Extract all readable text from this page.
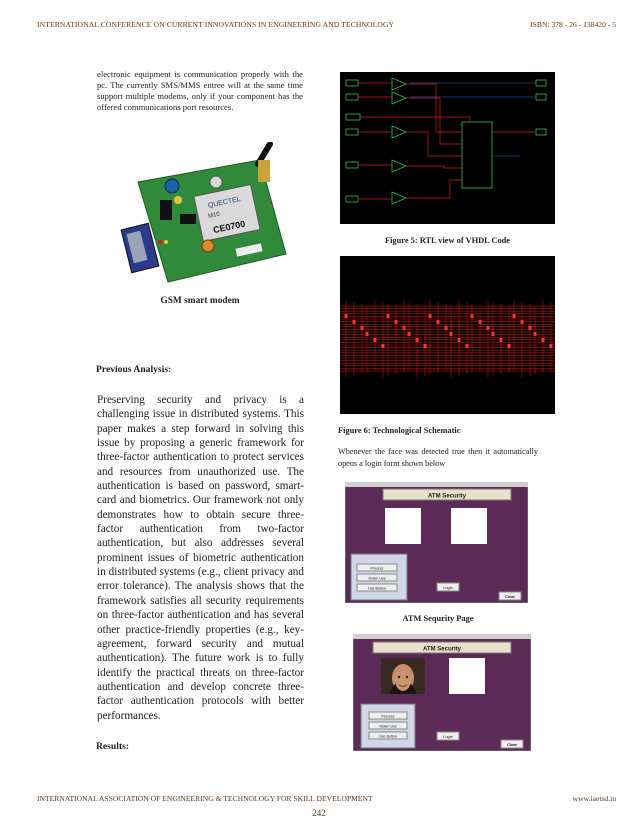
INTERNATIONAL CONFERENCE ON CURRENT INNOVATIONS IN ENGINEERING AND TECHNOLOGY	ISBN: 378 - 26 - 138420 - 5
electronic equipment is communication properly with the pc. The currently SMS/MMS entree will at the same time support multiple modems, only if your component has the offered communications port resources.
QUECTEL
M10
CE0700
GSM smart modem
Previous Analysis:
Preserving security and privacy is a challenging issue in distributed systems. This paper makes a step forward in solving this issue by proposing a generic framework for three-factor authentication to protect services and resources from unauthorized use. The authentication is based on password, smart-card and biometrics. Our framework not only demonstrates how to obtain secure three-factor authentication from two-factor authentication, but also addresses several prominent issues of biometric authentication in distributed systems (e.g., client privacy and error tolerance). The analysis shows that the framework satisfies all security requirements on three-factor authentication and has several other practice-friendly properties (e.g., key-agreement, forward security and mutual authentication). The future work is to fully identify the practical threats on three-factor authentication and develop concrete three-factor authentication protocols with better performances.
Results:
Figure 5: RTL view of VHDL Code
Figure 6: Technological Schematic
Whenever the face was detected true then it automatically opens a login form shown below
ATM Security
Process
Stolen Use
Use Button	Login
Clear
ATM Sequrity Page
ATM Security
Process
Stolen Use
Use Button	Login
Clear
INTERNATIONAL ASSOCIATION OF ENGINEERING & TECHNOLOGY FOR SKILL DEVELOPMENT	www.iaetsd.in
242
